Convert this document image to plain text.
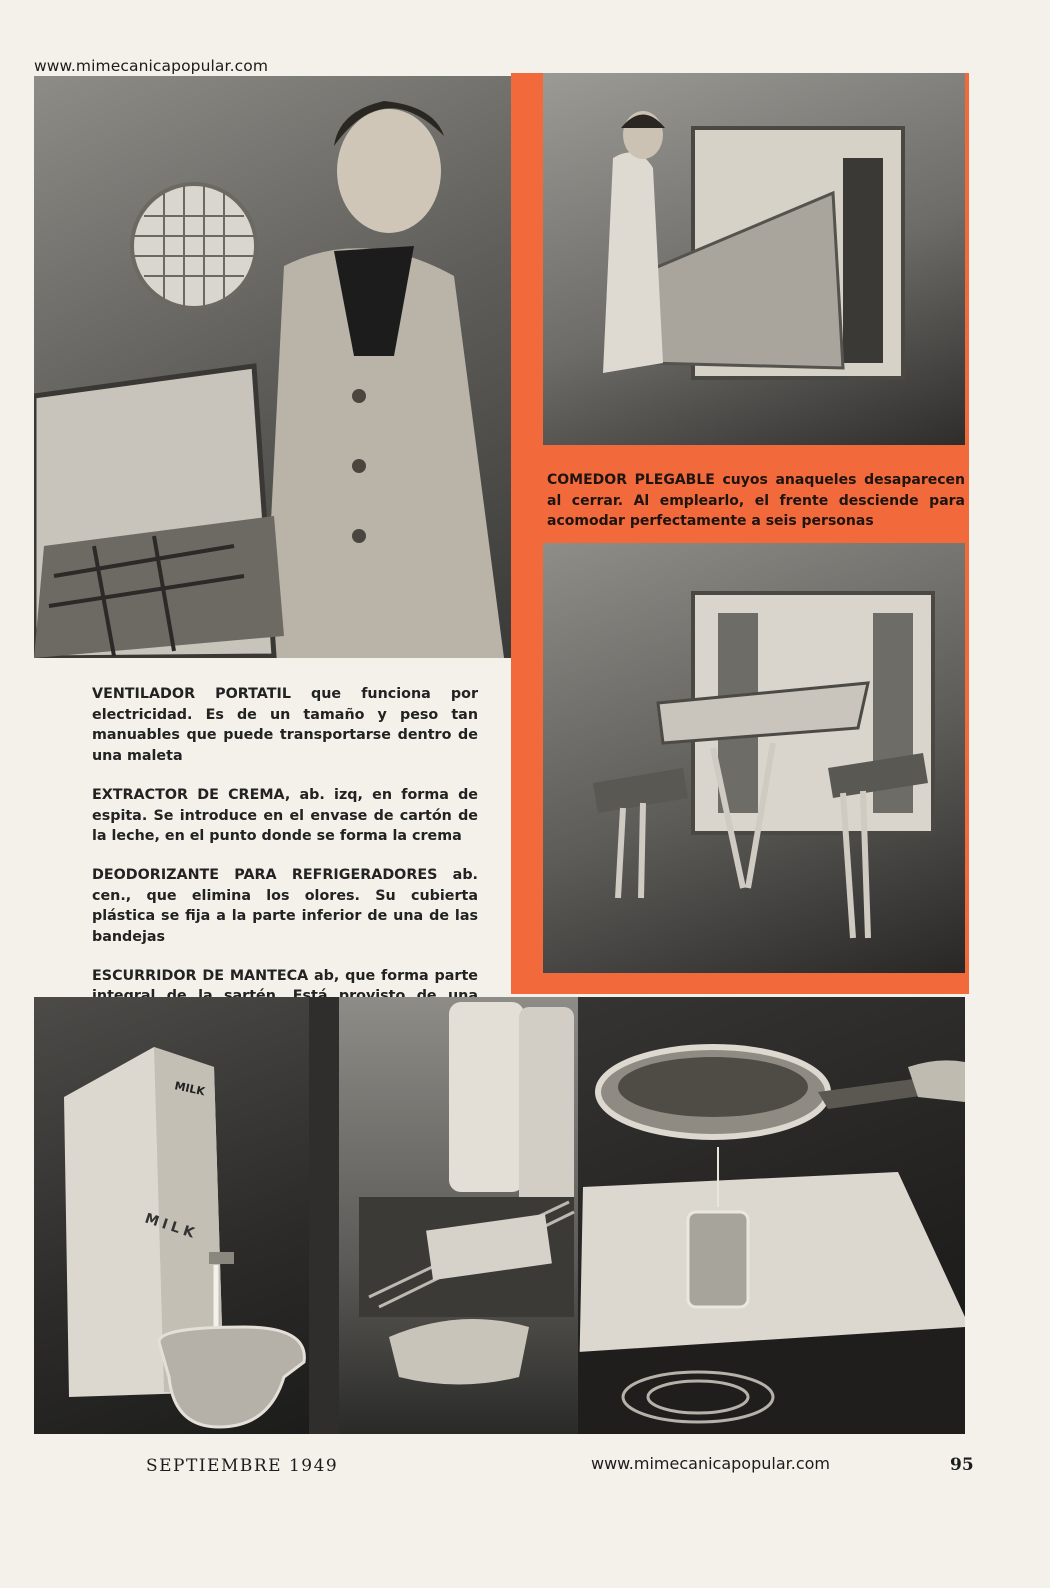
www.mimecanicapopular.com
COMEDOR PLEGABLE cuyos anaqueles desaparecen al cerrar. Al emplearlo, el frente desciende para acomodar perfectamente a seis personas

VENTILADOR PORTATIL que funciona por electricidad. Es de un tamaño y peso tan manuables que puede transportarse dentro de una maleta

EXTRACTOR DE CREMA, ab. izq, en forma de espita. Se introduce en el envase de cartón de la leche, en el punto donde se forma la crema

DEODORIZANTE PARA REFRIGERADORES ab. cen., que elimina los olores. Su cubierta plástica se fija a la parte inferior de una de las bandejas

ESCURRIDOR DE MANTECA ab, que forma parte

MILK
MILK
SEPTIEMBRE 1949	www.mimecanicapopular.com	95
